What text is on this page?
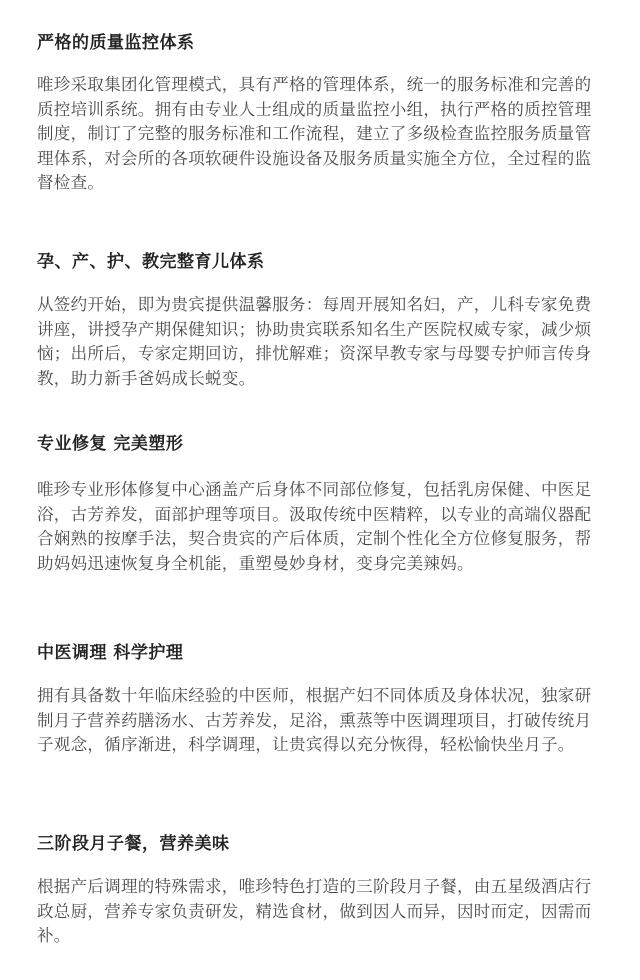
严格的质量监控体系

唯珍采取集团化管理模式，具有严格的管理体系，统一的服务标准和完善的质控培训系统。拥有由专业人士组成的质量监控小组，执行严格的质控管理制度，制订了完整的服务标准和工作流程，建立了多级检查监控服务质量管理体系，对会所的各项软硬件设施设备及服务质量实施全方位，全过程的监督检查。

孕、产、护、教完整育儿体系

从签约开始，即为贵宾提供温馨服务：每周开展知名妇，产，儿科专家免费讲座，讲授孕产期保健知识；协助贵宾联系知名生产医院权威专家，减少烦恼；出所后，专家定期回访，排忧解难；资深早教专家与母婴专护师言传身教，助力新手爸妈成长蜕变。

专业修复 完美塑形

唯珍专业形体修复中心涵盖产后身体不同部位修复，包括乳房保健、中医足浴，古芳养发，面部护理等项目。汲取传统中医精粹，以专业的高端仪器配合娴熟的按摩手法，契合贵宾的产后体质，定制个性化全方位修复服务，帮助妈妈迅速恢复身全机能，重塑曼妙身材，变身完美辣妈。

中医调理 科学护理

拥有具备数十年临床经验的中医师，根据产妇不同体质及身体状况，独家研制月子营养药膳汤水、古芳养发，足浴，熏蒸等中医调理项目，打破传统月子观念，循序渐进，科学调理，让贵宾得以充分恢得，轻松愉快坐月子。

三阶段月子餐，营养美味

根据产后调理的特殊需求，唯珍特色打造的三阶段月子餐，由五星级酒店行政总厨，营养专家负责研发，精选食材，做到因人而异，因时而定，因需而补。
